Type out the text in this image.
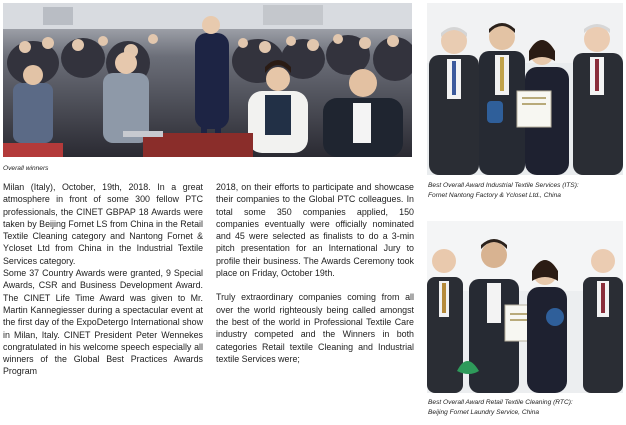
Overall winners
Best Overall Award Industrial Textile Services (ITS):
Fornet Nantong Factory & Ycloset Ltd., China
Best Overall Award Retail Textile Cleaning (RTC):
Beijing Fornet Laundry Service, China

Milan (Italy), October, 19th, 2018. In a great atmosphere in front of some 300 fellow PTC professionals, the CINET GBPAP 18 Awards were taken by Beijing Fornet LS from China in the Retail Textile Cleaning category and Nantong Fornet & Ycloset Ltd from China in the Industrial Textile Services category.

Some 37 Country Awards were granted, 9 Special Awards, CSR and Business Development Award. The CINET Life Time Award was given to Mr. Martin Kannegiesser during a spectacular event at the first day of the ExpoDetergo International show in Milan, Italy. CINET President Peter Wennekes congratulated in his welcome speech especially all winners of the Global Best Practices Awards Program

2018, on their efforts to participate and showcase their companies to the Global PTC colleagues. In total some 350 companies applied, 150 companies eventually were officially nominated and 45 were selected as finalists to do a 3-min pitch presentation for an International Jury to profile their business. The Awards Ceremony took place on Friday, October 19th.

Truly extraordinary companies coming from all over the world righteously being called amongst the best of the world in Professional Textile Care industry competed and the Winners in both categories Retail textile Cleaning and Industrial textile Services were;
